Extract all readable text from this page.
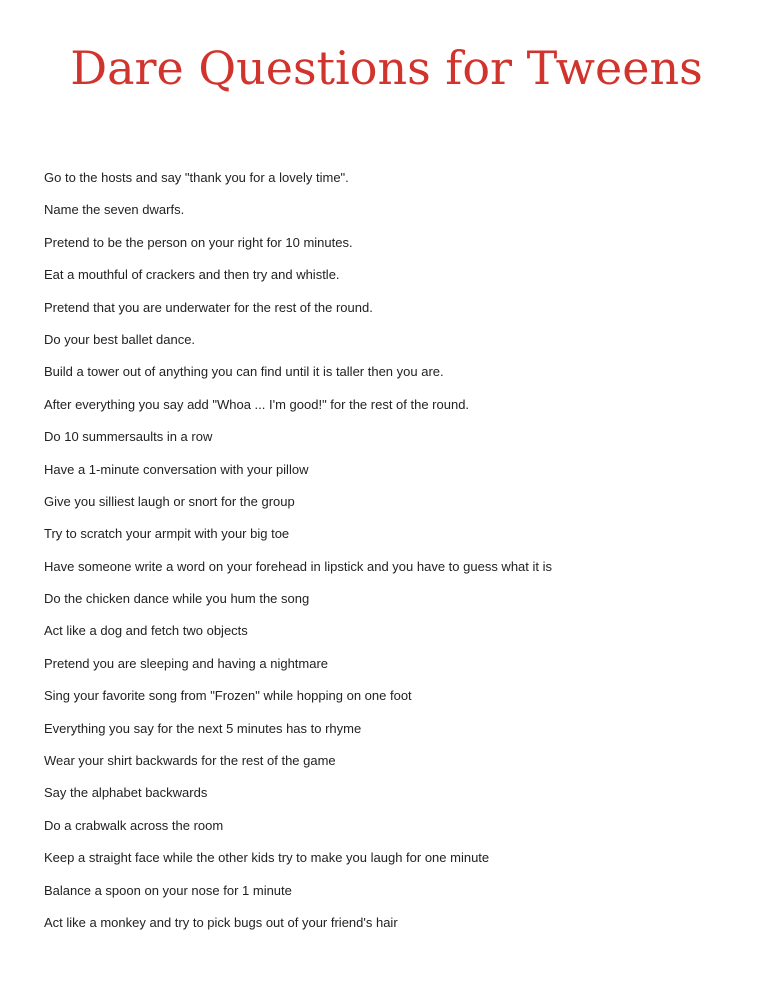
Dare Questions for Tweens
Go to the hosts and say "thank you for a lovely time".
Name the seven dwarfs.
Pretend to be the person on your right for 10 minutes.
Eat a mouthful of crackers and then try and whistle.
Pretend that you are underwater for the rest of the round.
Do your best ballet dance.
Build a tower out of anything you can find until it is taller then you are.
After everything you say add "Whoa ... I'm good!" for the rest of the round.
Do 10 summersaults in a row
Have a 1-minute conversation with your pillow
Give you silliest laugh or snort for the group
Try to scratch your armpit with your big toe
Have someone write a word on your forehead in lipstick and you have to guess what it is
Do the chicken dance while you hum the song
Act like a dog and fetch two objects
Pretend you are sleeping and having a nightmare
Sing your favorite song from "Frozen" while hopping on one foot
Everything you say for the next 5 minutes has to rhyme
Wear your shirt backwards for the rest of the game
Say the alphabet backwards
Do a crabwalk across the room
Keep a straight face while the other kids try to make you laugh for one minute
Balance a spoon on your nose for 1 minute
Act like a monkey and try to pick bugs out of your friend's hair
